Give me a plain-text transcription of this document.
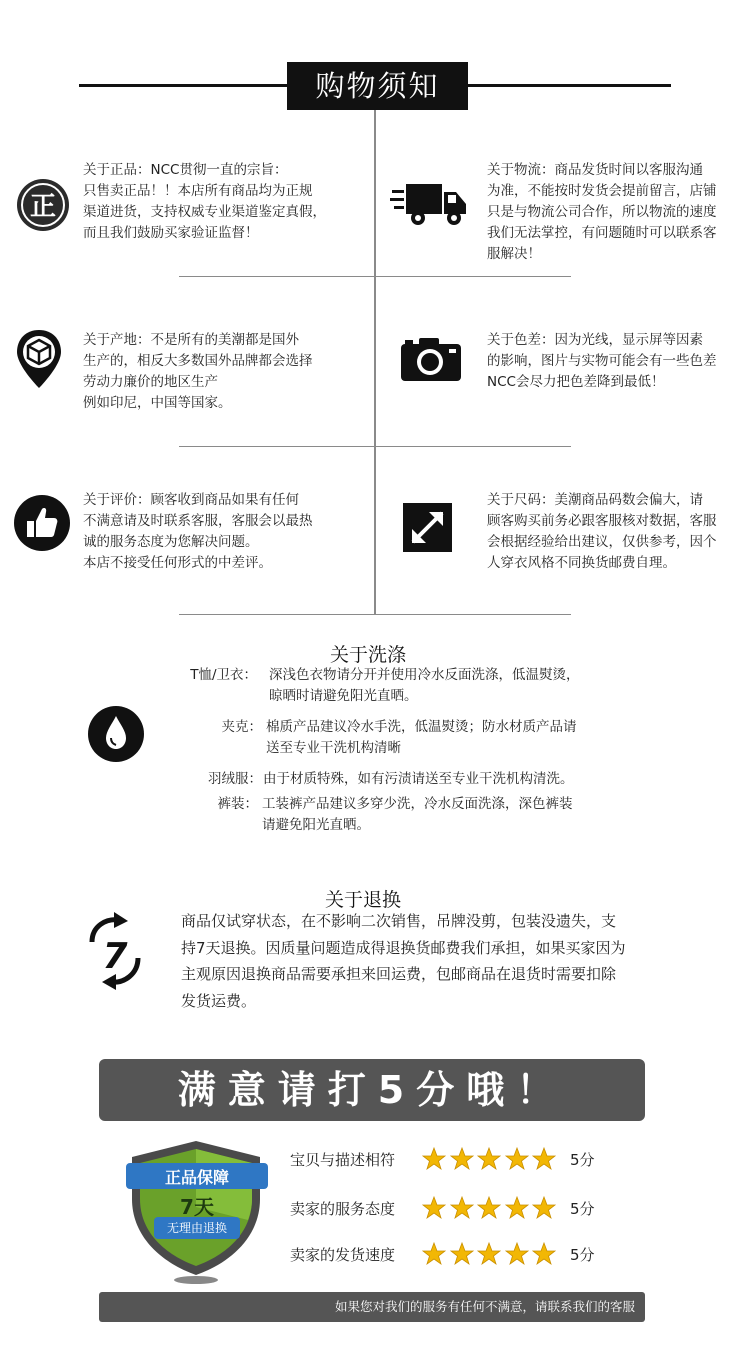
购物须知
正
关于正品：NCC贯彻一直的宗旨：
只售卖正品！！本店所有商品均为正规
渠道进货，支持权威专业渠道鉴定真假，
而且我们鼓励买家验证监督！
关于物流：商品发货时间以客服沟通
为准，不能按时发货会提前留言，店铺
只是与物流公司合作，所以物流的速度
我们无法掌控，有问题随时可以联系客
服解决！
关于产地：不是所有的美潮都是国外
生产的，相反大多数国外品牌都会选择
劳动力廉价的地区生产
例如印尼，中国等国家。
关于色差：因为光线，显示屏等因素
的影响，图片与实物可能会有一些色差
NCC会尽力把色差降到最低！
关于评价：顾客收到商品如果有任何
不满意请及时联系客服，客服会以最热
诚的服务态度为您解决问题。
本店不接受任何形式的中差评。
关于尺码：美潮商品码数会偏大，请
顾客购买前务必跟客服核对数据，客服
会根据经验给出建议，仅供参考，因个
人穿衣风格不同换货邮费自理。
关于洗涤
T恤/卫衣： 深浅色衣物请分开并使用冷水反面洗涤，低温熨烫，
晾晒时请避免阳光直晒。
夹克： 棉质产品建议冷水手洗，低温熨烫；防水材质产品请
送至专业干洗机构清晰
羽绒服： 由于材质特殊，如有污渍请送至专业干洗机构清洗。
裤装： 工装裤产品建议多穿少洗，冷水反面洗涤，深色裤装
请避免阳光直晒。
关于退换
7
商品仅试穿状态，在不影响二次销售，吊牌没剪，包装没遗失，支
持7天退换。因质量问题造成得退换货邮费我们承担，如果买家因为
主观原因退换商品需要承担来回运费，包邮商品在退货时需要扣除
发货运费。
满意请打5分哦！
正品保障
7天
无理由退换
宝贝与描述相符	5分
卖家的服务态度	5分
卖家的发货速度	5分
如果您对我们的服务有任何不满意，请联系我们的客服
